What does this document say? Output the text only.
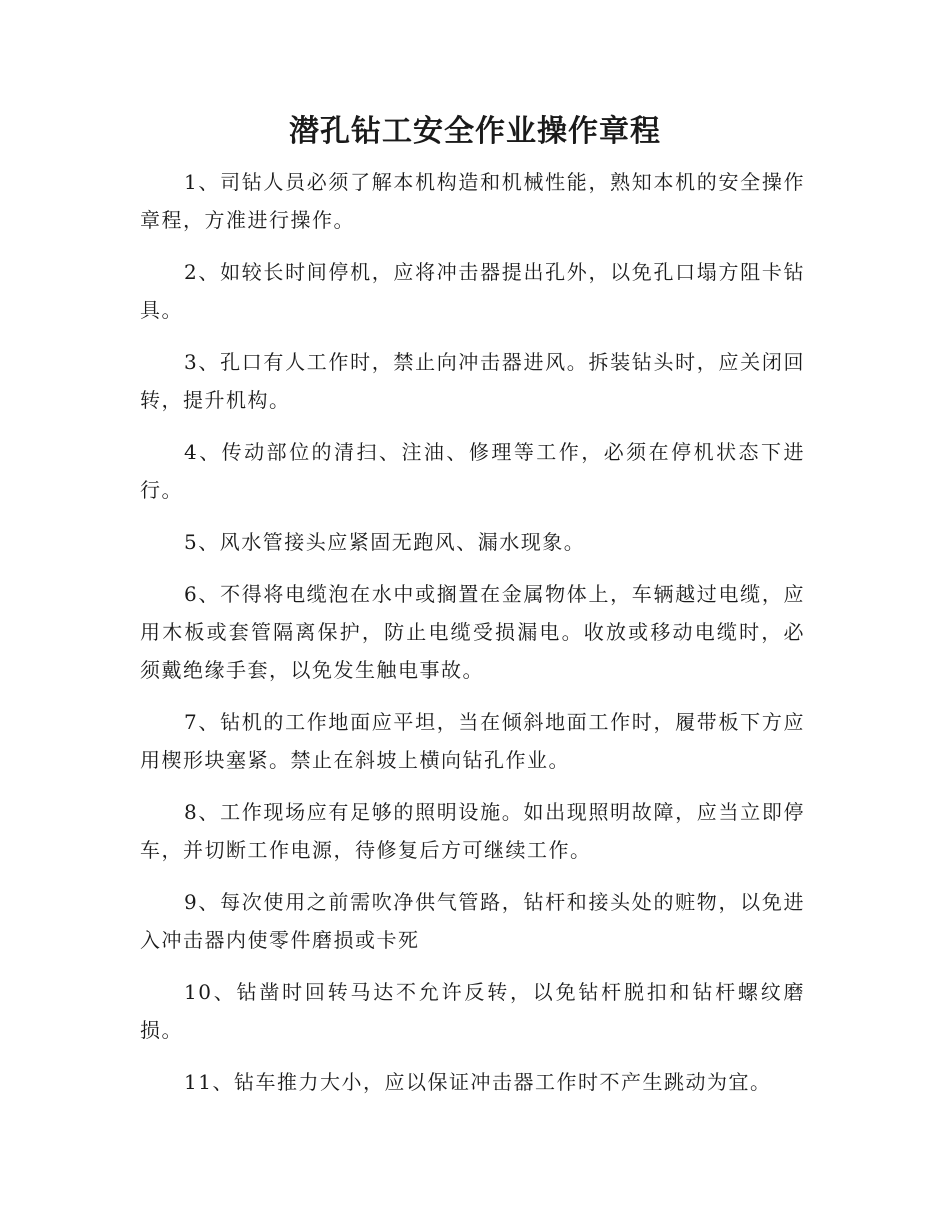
潜孔钻工安全作业操作章程

1、司钻人员必须了解本机构造和机械性能，熟知本机的安全操作章程，方准进行操作。

2、如较长时间停机，应将冲击器提出孔外，以免孔口塌方阻卡钻具。

3、孔口有人工作时，禁止向冲击器进风。拆装钻头时，应关闭回转，提升机构。

4、传动部位的清扫、注油、修理等工作，必须在停机状态下进行。

5、风水管接头应紧固无跑风、漏水现象。

6、不得将电缆泡在水中或搁置在金属物体上，车辆越过电缆，应用木板或套管隔离保护，防止电缆受损漏电。收放或移动电缆时，必须戴绝缘手套，以免发生触电事故。

7、钻机的工作地面应平坦，当在倾斜地面工作时，履带板下方应用楔形块塞紧。禁止在斜坡上横向钻孔作业。

8、工作现场应有足够的照明设施。如出现照明故障，应当立即停车，并切断工作电源，待修复后方可继续工作。

9、每次使用之前需吹净供气管路，钻杆和接头处的赃物，以免进入冲击器内使零件磨损或卡死

10、钻凿时回转马达不允许反转，以免钻杆脱扣和钻杆螺纹磨损。

11、钻车推力大小，应以保证冲击器工作时不产生跳动为宜。
